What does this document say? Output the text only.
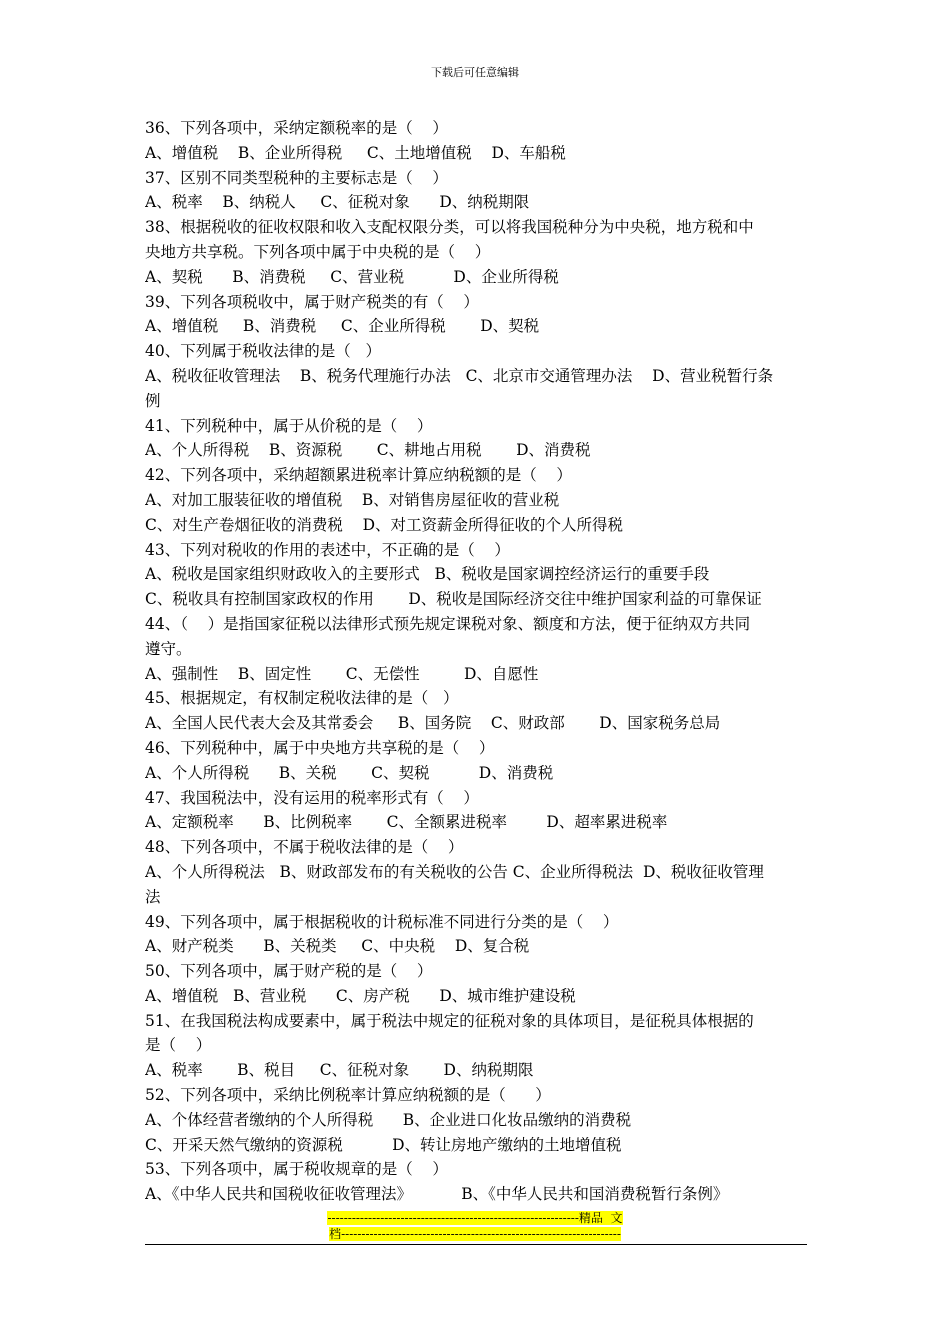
下载后可任意编辑
36、下列各项中，采纳定额税率的是（    ）
A、增值税    B、企业所得税     C、土地增值税    D、车船税
37、区别不同类型税种的主要标志是（    ）
A、税率    B、纳税人     C、征税对象      D、纳税期限
38、根据税收的征收权限和收入支配权限分类，可以将我国税种分为中央税，地方税和中
央地方共享税。下列各项中属于中央税的是（    ）
A、契税      B、消费税     C、营业税          D、企业所得税
39、下列各项税收中，属于财产税类的有（    ）
A、增值税     B、消费税     C、企业所得税       D、契税
40、下列属于税收法律的是（   ）
A、税收征收管理法    B、税务代理施行办法   C、北京市交通管理办法    D、营业税暂行条
例
41、下列税种中，属于从价税的是（    ）
A、个人所得税    B、资源税       C、耕地占用税       D、消费税
42、下列各项中，采纳超额累进税率计算应纳税额的是（    ）
A、对加工服装征收的增值税    B、对销售房屋征收的营业税
C、对生产卷烟征收的消费税    D、对工资薪金所得征收的个人所得税
43、下列对税收的作用的表述中，不正确的是（    ）
A、税收是国家组织财政收入的主要形式   B、税收是国家调控经济运行的重要手段
C、税收具有控制国家政权的作用       D、税收是国际经济交往中维护国家利益的可靠保证
44、（    ）是指国家征税以法律形式预先规定课税对象、额度和方法，便于征纳双方共同
遵守。
A、强制性    B、固定性       C、无偿性         D、自愿性
45、根据规定，有权制定税收法律的是（   ）
A、全国人民代表大会及其常委会     B、国务院    C、财政部       D、国家税务总局
46、下列税种中，属于中央地方共享税的是（    ）
A、个人所得税      B、关税       C、契税          D、消费税
47、我国税法中，没有运用的税率形式有（    ）
A、定额税率      B、比例税率       C、全额累进税率        D、超率累进税率
48、下列各项中，不属于税收法律的是（    ）
A、个人所得税法   B、财政部发布的有关税收的公告 C、企业所得税法  D、税收征收管理
法
49、下列各项中，属于根据税收的计税标准不同进行分类的是（    ）
A、财产税类      B、关税类     C、中央税    D、复合税
50、下列各项中，属于财产税的是（    ）
A、增值税   B、营业税      C、房产税      D、城市维护建设税
51、在我国税法构成要素中，属于税法中规定的征税对象的具体项目，是征税具体根据的
是（    ）
A、税率       B、税目     C、征税对象       D、纳税期限
52、下列各项中，采纳比例税率计算应纳税额的是（      ）
A、个体经营者缴纳的个人所得税      B、企业进口化妆品缴纳的消费税
C、开采天然气缴纳的资源税          D、转让房地产缴纳的土地增值税
53、下列各项中，属于税收规章的是（    ）
A、《中华人民共和国税收征收管理法》          B、《中华人民共和国消费税暂行条例》
--------------------------------------------------------------精品  文
档---------------------------------------------------------------------
